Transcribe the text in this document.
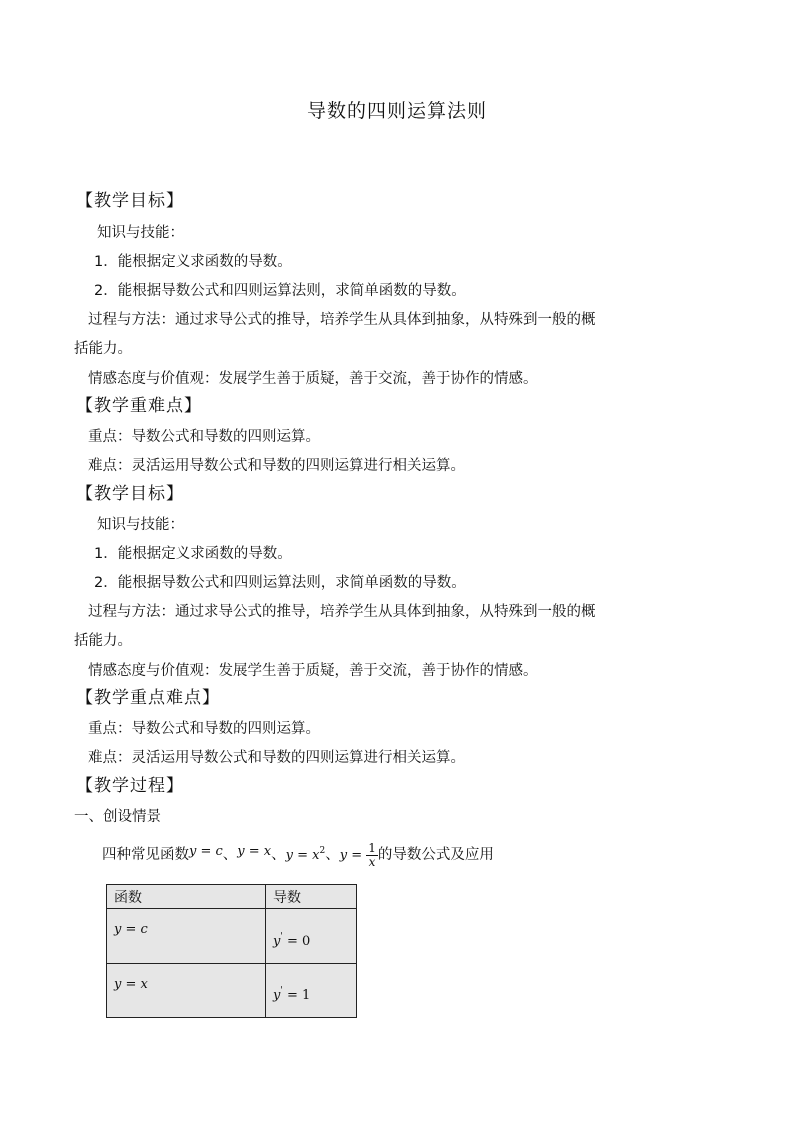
导数的四则运算法则
【教学目标】
知识与技能：
1．能根据定义求函数的导数。
2．能根据导数公式和四则运算法则，求简单函数的导数。
过程与方法：通过求导公式的推导，培养学生从具体到抽象，从特殊到一般的概
括能力。
情感态度与价值观：发展学生善于质疑，善于交流，善于协作的情感。
【教学重难点】
重点：导数公式和导数的四则运算。
难点：灵活运用导数公式和导数的四则运算进行相关运算。
【教学目标】
知识与技能：
1．能根据定义求函数的导数。
2．能根据导数公式和四则运算法则，求简单函数的导数。
过程与方法：通过求导公式的推导，培养学生从具体到抽象，从特殊到一般的概
括能力。
情感态度与价值观：发展学生善于质疑，善于交流，善于协作的情感。
【教学重点难点】
重点：导数公式和导数的四则运算。
难点：灵活运用导数公式和导数的四则运算进行相关运算。
【教学过程】
一、创设情景
四种常见函数y = c、y = x、$y = x^2$、$y = \frac{1}{x}$ 的导数公式及应用
函数	导数
y = c	y' = 0
y = x	y' = 1
